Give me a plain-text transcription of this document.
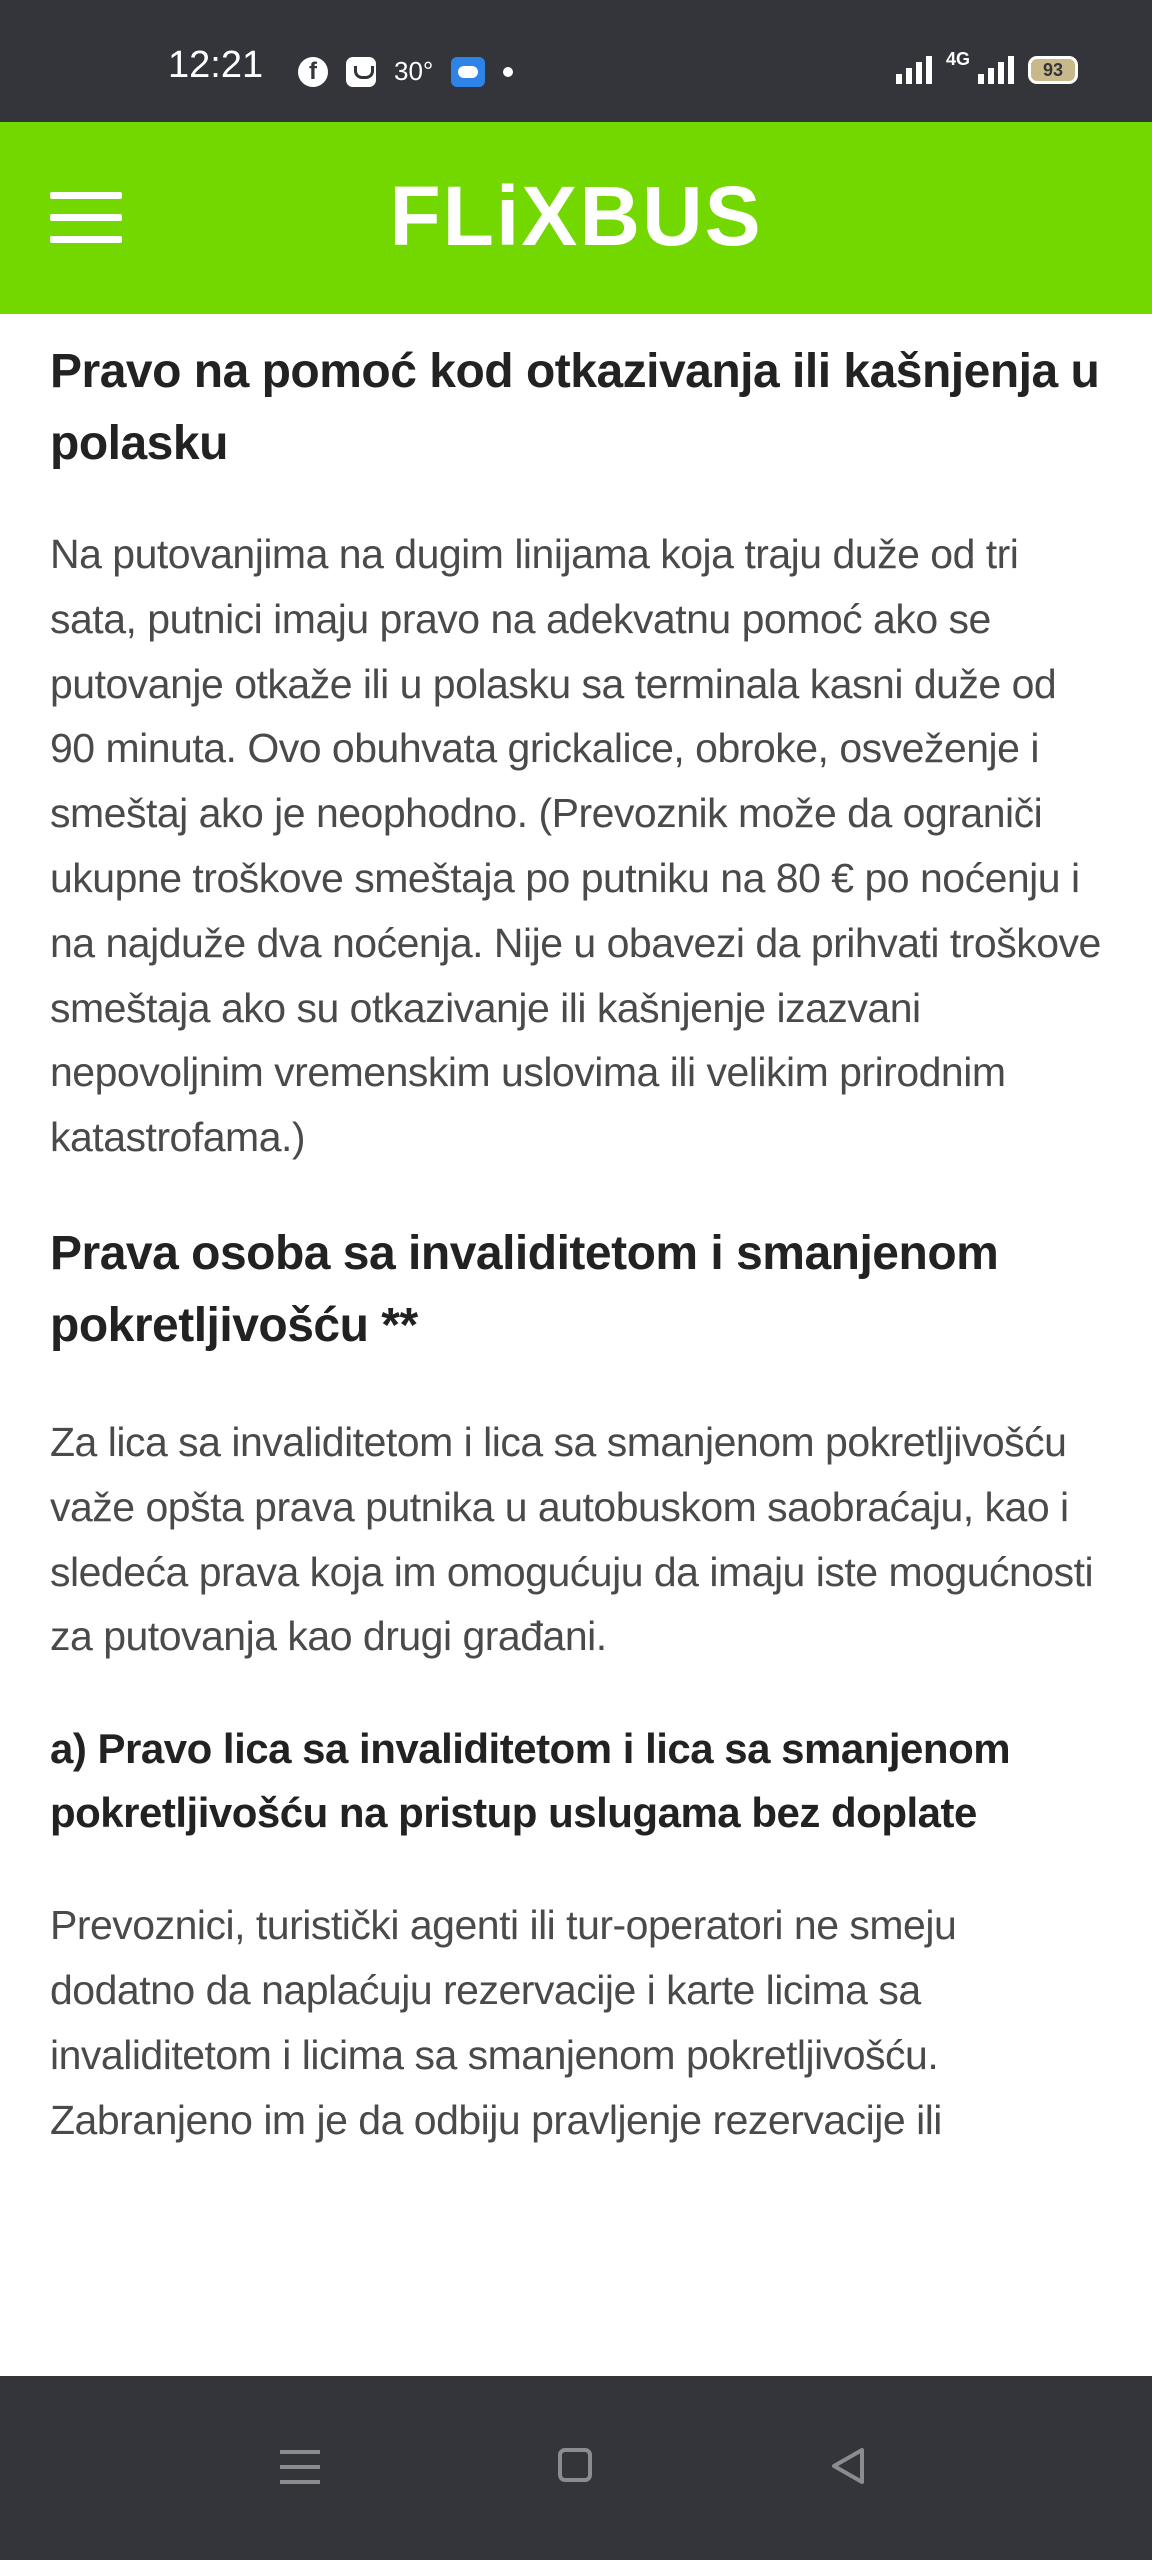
12:21	f	30°	4G
93
FLiXBUS
Pravo na pomoć kod otkazivanja ili kašnjenja u polasku

Na putovanjima na dugim linijama koja traju duže od tri sata, putnici imaju pravo na adekvatnu pomoć ako se putovanje otkaže ili u polasku sa terminala kasni duže od 90 minuta. Ovo obuhvata grickalice, obroke, osveženje i smeštaj ako je neophodno. (Prevoznik može da ograniči ukupne troškove smeštaja po putniku na 80 € po noćenju i na najduže dva noćenja. Nije u obavezi da prihvati troškove smeštaja ako su otkazivanje ili kašnjenje izazvani nepovoljnim vremenskim uslovima ili velikim prirodnim katastrofama.)

Prava osoba sa invaliditetom i smanjenom pokretljivošću **

Za lica sa invaliditetom i lica sa smanjenom pokretljivošću važe opšta prava putnika u autobuskom saobraćaju, kao i sledeća prava koja im omogućuju da imaju iste mogućnosti za putovanja kao drugi građani.

a) Pravo lica sa invaliditetom i lica sa smanjenom pokretljivošću na pristup uslugama bez doplate

Prevoznici, turistički agenti ili tur-operatori ne smeju dodatno da naplaćuju rezervacije i karte licima sa invaliditetom i licima sa smanjenom pokretljivošću. Zabranjeno im je da odbiju pravljenje rezervacije ili
